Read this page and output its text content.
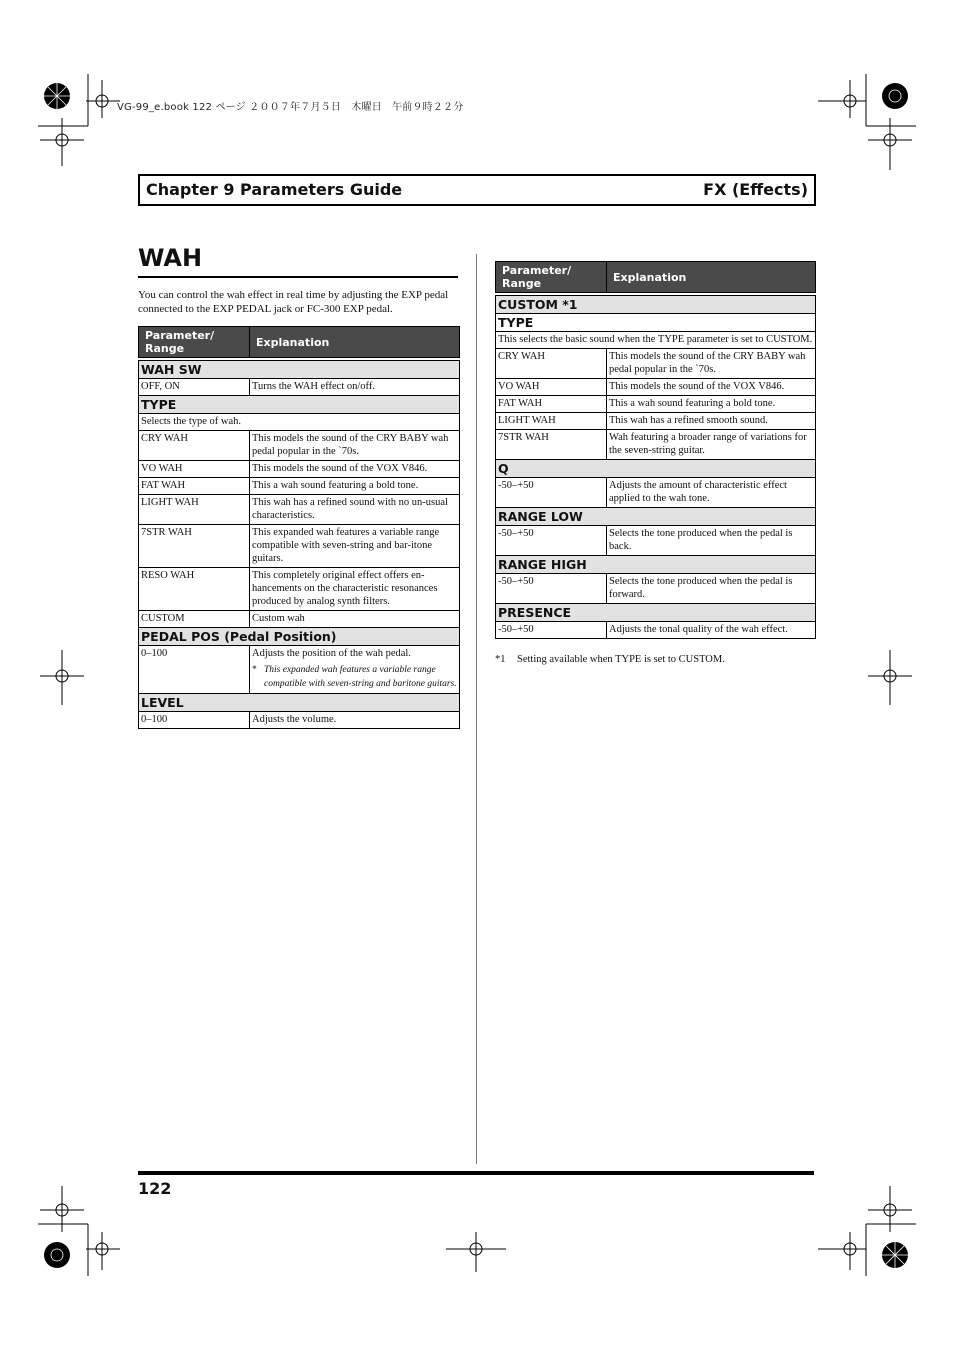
VG-99_e.book 122 ページ ２００７年７月５日　木曜日　午前９時２２分
Chapter 9 Parameters Guide	FX (Effects)
WAH
You can control the wah effect in real time by adjusting the EXP pedal connected to the EXP PEDAL jack or FC-300 EXP pedal.
Parameter/ Range	Explanation

WAH SW	
OFF, ON	Turns the WAH effect on/off.
TYPE	
Selects the type of wah.	
CRY WAH	This models the sound of the CRY BABY wah pedal popular in the `70s.
VO WAH	This models the sound of the VOX V846.
FAT WAH	This a wah sound featuring a bold tone.
LIGHT WAH	This wah has a refined sound with no un-usual characteristics.
7STR WAH	This expanded wah features a variable range compatible with seven-string and bar-itone guitars.
RESO WAH	This completely original effect offers en-hancements on the characteristic resonances produced by analog synth filters.
CUSTOM	Custom wah
PEDAL POS (Pedal Position)	
0–100	Adjusts the position of the wah pedal.
* This expanded wah features a variable range compatible with seven-string and baritone guitars.

LEVEL	
0–100	Adjusts the volume.
Parameter/ Range	Explanation

CUSTOM *1	
TYPE	
This selects the basic sound when the TYPE parameter is set to CUSTOM.	
CRY WAH	This models the sound of the CRY BABY wah pedal popular in the `70s.
VO WAH	This models the sound of the VOX V846.
FAT WAH	This a wah sound featuring a bold tone.
LIGHT WAH	This wah has a refined smooth sound.
7STR WAH	Wah featuring a broader range of variations for the seven-string guitar.
Q	
-50–+50	Adjusts the amount of characteristic effect applied to the wah tone.
RANGE LOW	
-50–+50	Selects the tone produced when the pedal is back.
RANGE HIGH	
-50–+50	Selects the tone produced when the pedal is forward.
PRESENCE	
-50–+50	Adjusts the tonal quality of the wah effect.
*1 Setting available when TYPE is set to CUSTOM.
122
